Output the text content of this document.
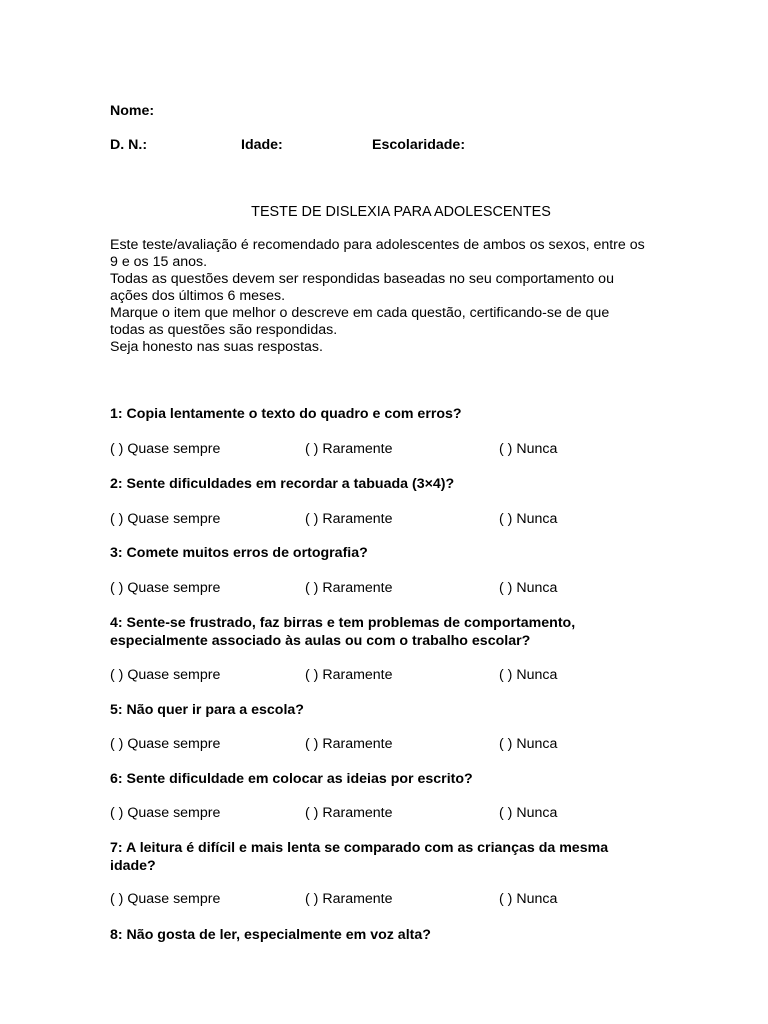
Nome:
D. N.:	Idade:	Escolaridade:
TESTE DE DISLEXIA PARA ADOLESCENTES
Este teste/avaliação é recomendado para adolescentes de ambos os sexos, entre os
9 e os 15 anos.
Todas as questões devem ser respondidas baseadas no seu comportamento ou
ações dos últimos 6 meses.
Marque o item que melhor o descreve em cada questão, certificando-se de que
todas as questões são respondidas.
Seja honesto nas suas respostas.
1: Copia lentamente o texto do quadro e com erros?
( ) Quase sempre	( ) Raramente	( ) Nunca
2: Sente dificuldades em recordar a tabuada (3×4)?
( ) Quase sempre	( ) Raramente	( ) Nunca
3: Comete muitos erros de ortografia?
( ) Quase sempre	( ) Raramente	( ) Nunca
4: Sente-se frustrado, faz birras e tem problemas de comportamento,
especialmente associado às aulas ou com o trabalho escolar?
( ) Quase sempre	( ) Raramente	( ) Nunca
5: Não quer ir para a escola?
( ) Quase sempre	( ) Raramente	( ) Nunca
6: Sente dificuldade em colocar as ideias por escrito?
( ) Quase sempre	( ) Raramente	( ) Nunca
7: A leitura é difícil e mais lenta se comparado com as crianças da mesma
idade?
( ) Quase sempre	( ) Raramente	( ) Nunca
8: Não gosta de ler, especialmente em voz alta?
